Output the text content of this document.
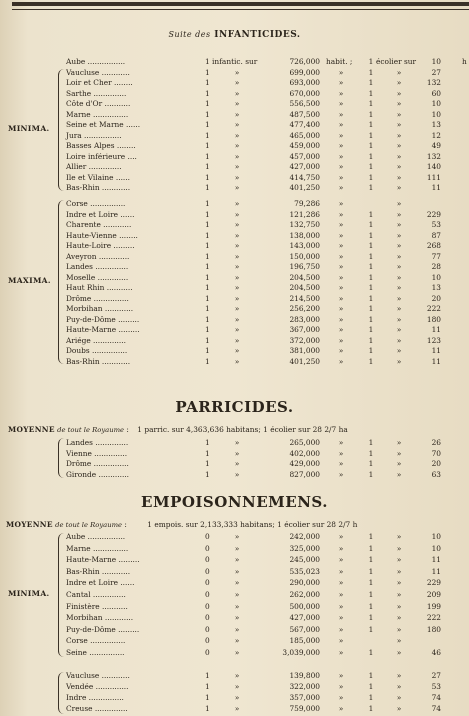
Suite des INFANTICIDES.
Aube ................	1 infantic. sur	726,000 habit. ;	1 écolier sur	10	h
Vaucluse ............	1	»	699,000	»	1	»	27
Loir et Cher ........	1	»	693,000	»	1	»	132
Sarthe ..............	1	»	670,000	»	1	»	60
Côte d'Or ...........	1	»	556,500	»	1	»	10
Marne ...............	1	»	487,500	»	1	»	10
Seine et Marne ......	1	»	477,400	»	1	»	13
Jura ................	1	»	465,000	»	1	»	12
Basses Alpes ........	1	»	459,000	»	1	»	49
Loire inférieure ....	1	»	457,000	»	1	»	132
Allier ..............	1	»	427,000	»	1	»	140
Ile et Vilaine ......	1	»	414,750	»	1	»	111
Bas-Rhin ............	1	»	401,250	»	1	»	11
Corse ...............	1	»	79,286	»	»
Indre et Loire ......	1	»	121,286	»	1	»	229
Charente ............	1	»	132,750	»	1	»	53
Haute-Vienne ........	1	»	138,000	»	1	»	87
Haute-Loire .........	1	»	143,000	»	1	»	268
Aveyron .............	1	»	150,000	»	1	»	77
Landes ..............	1	»	196,750	»	1	»	28
Moselle .............	1	»	204,500	»	1	»	10
Haut Rhin ...........	1	»	204,500	»	1	»	13
Drôme ...............	1	»	214,500	»	1	»	20
Morbihan ............	1	»	256,200	»	1	»	222
Puy-de-Dôme .........	1	»	283,000	»	1	»	180
Haute-Marne .........	1	»	367,000	»	1	»	11
Ariége ..............	1	»	372,000	»	1	»	123
Doubs ...............	1	»	381,000	»	1	»	11
Bas-Rhin ............	1	»	401,250	»	1	»	11
PARRICIDES.
MOYENNE de tout le Royaume : 1 parric. sur 4,363,636 habitans; 1 écolier sur 28 2/7 ha
Landes ..............	1	»	265,000	»	1	»	26
Vienne ..............	1	»	402,000	»	1	»	70
Drôme ...............	1	»	429,000	»	1	»	20
Gironde .............	1	»	827,000	»	1	»	63
EMPOISONNEMENS.
MOYENNE de tout le Royaume : 1 empois. sur 2,133,333 habitans; 1 écolier sur 28 2/7 h
Aube ................	0	»	242,000	»	1	»	10
Marne ...............	0	»	325,000	»	1	»	10
Haute-Marne .........	0	»	245,000	»	1	»	11
Bas-Rhin ............	0	»	535,023	»	1	»	11
Indre et Loire ......	0	»	290,000	»	1	»	229
Cantal ..............	0	»	262,000	»	1	»	209
Finistère ...........	0	»	500,000	»	1	»	199
Morbihan ............	0	»	427,000	»	1	»	222
Puy-de-Dôme .........	0	»	567,000	»	1	»	180
Corse ...............	0	»	185,000	»	»
Seine ...............	0	»	3,039,000	»	1	»	46
Vaucluse ............	1	»	139,800	»	1	»	27
Vendée ..............	1	»	322,000	»	1	»	53
Indre ...............	1	»	357,000	»	1	»	74
Creuse ..............	1	»	759,000	»	1	»	74
MINIMA.
MAXIMA.
MINIMA.
